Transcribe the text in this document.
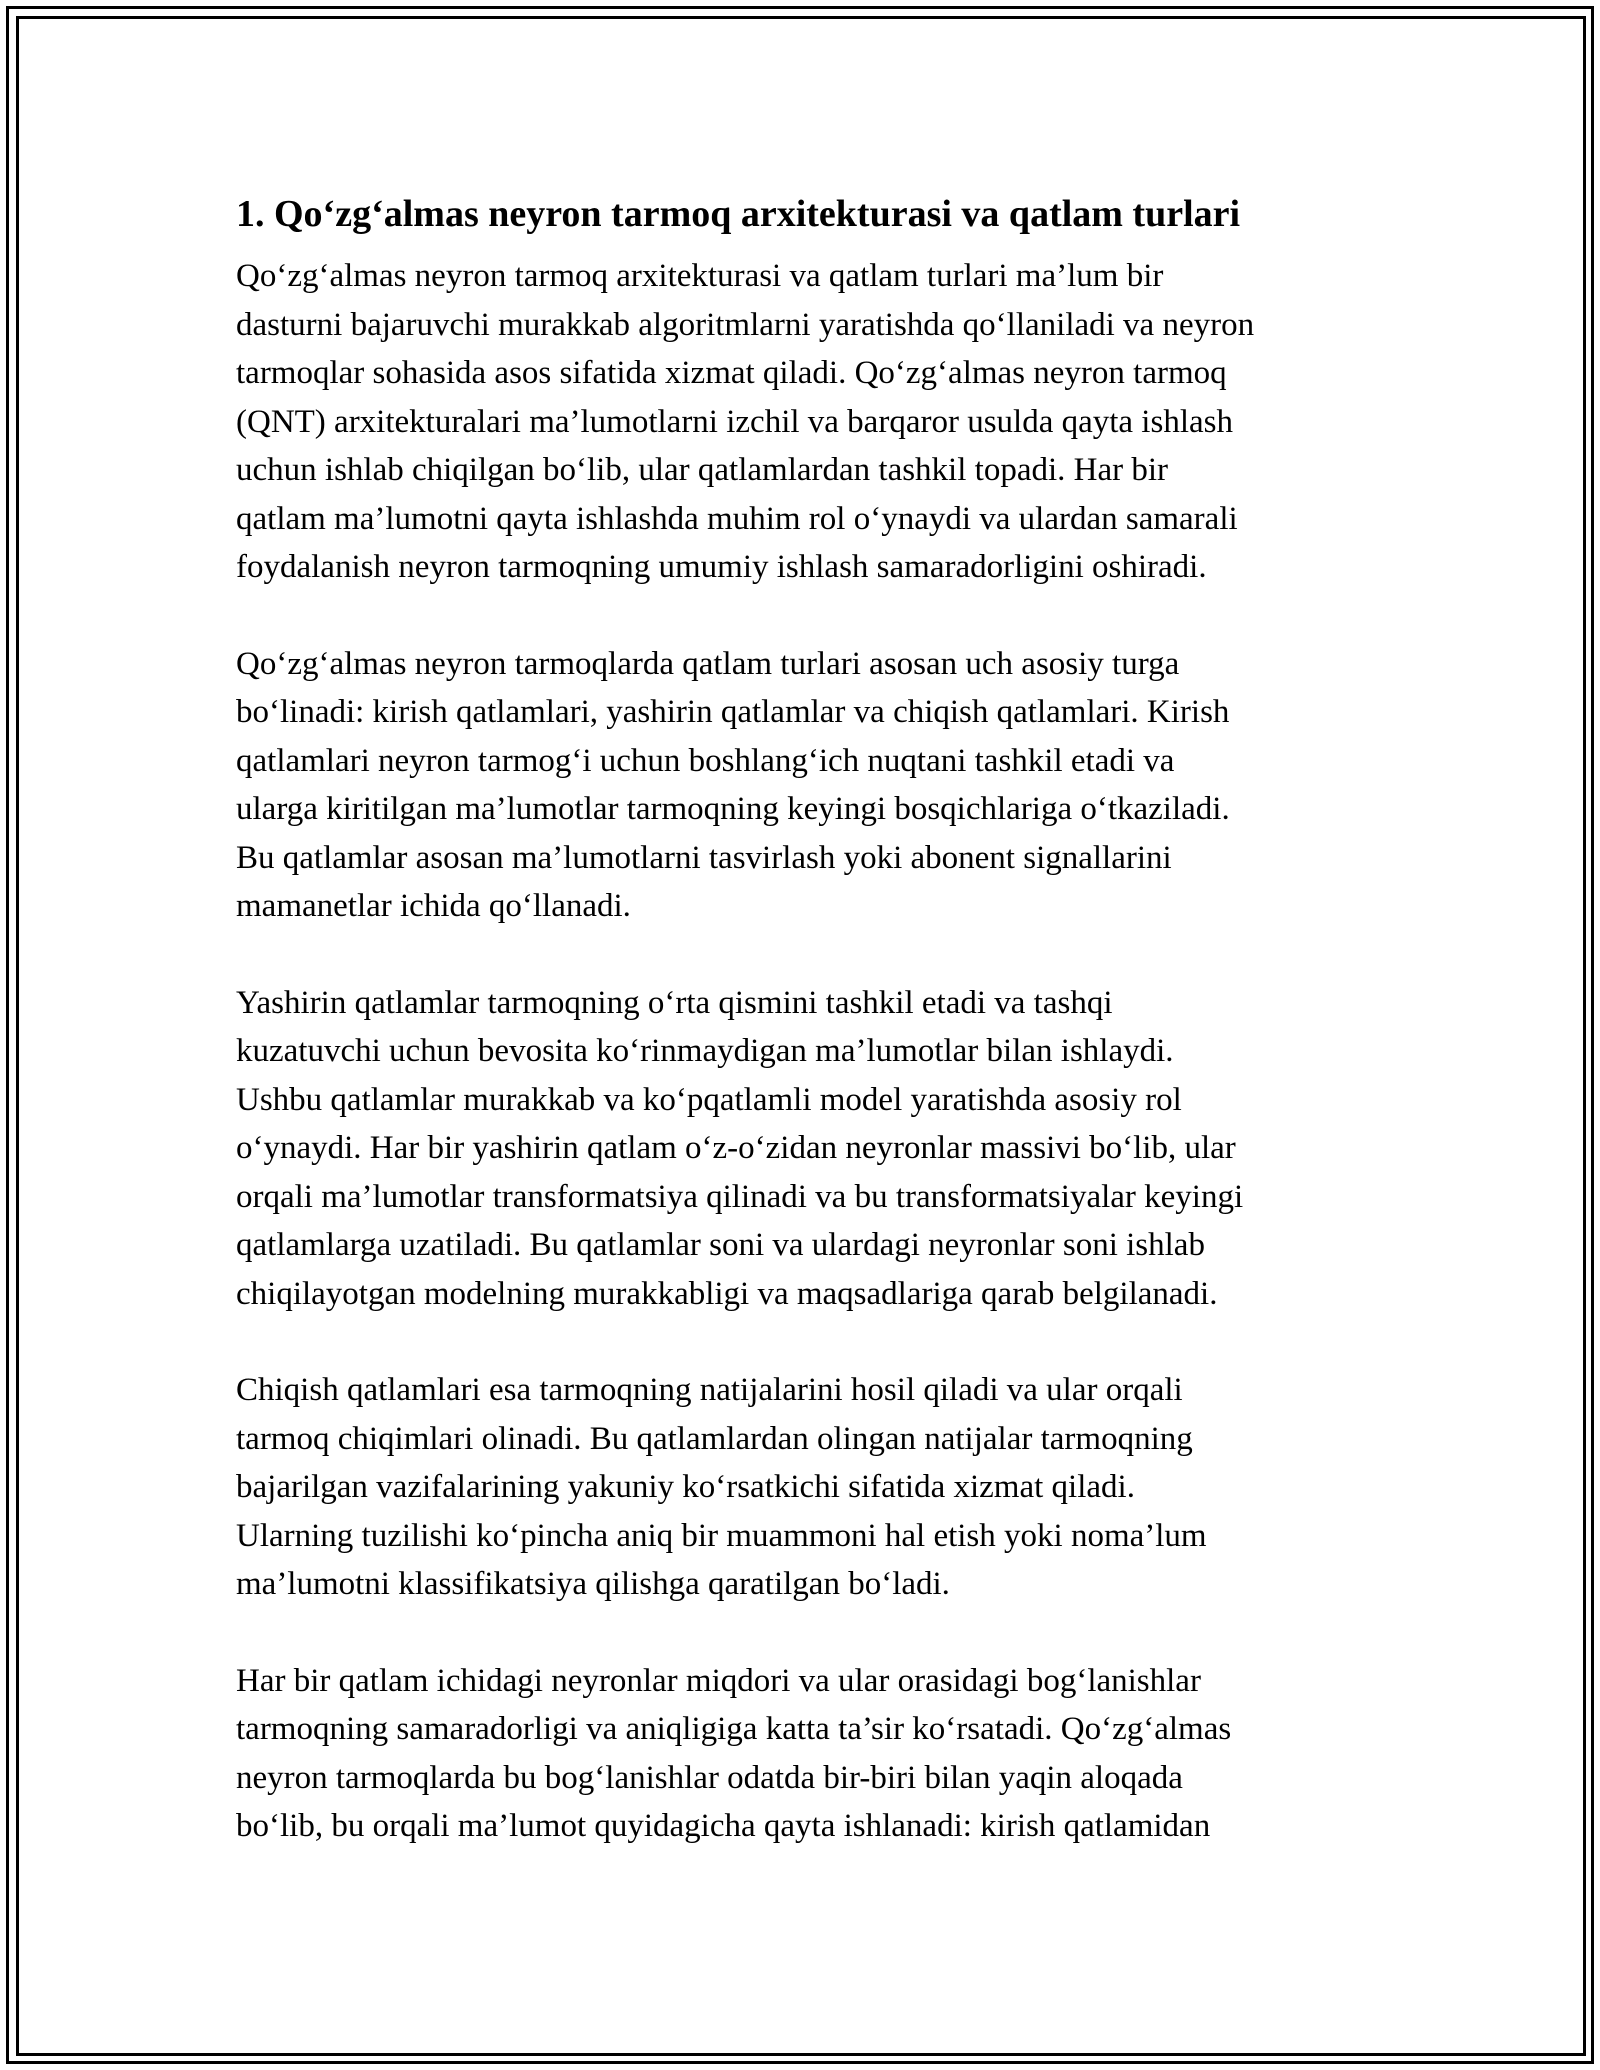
1. Qo‘zg‘almas neyron tarmoq arxitekturasi va qatlam turlari
Qo‘zg‘almas neyron tarmoq arxitekturasi va qatlam turlari ma’lum bir
dasturni bajaruvchi murakkab algoritmlarni yaratishda qo‘llaniladi va neyron
tarmoqlar sohasida asos sifatida xizmat qiladi. Qo‘zg‘almas neyron tarmoq
(QNT) arxitekturalari ma’lumotlarni izchil va barqaror usulda qayta ishlash
uchun ishlab chiqilgan bo‘lib, ular qatlamlardan tashkil topadi. Har bir
qatlam ma’lumotni qayta ishlashda muhim rol o‘ynaydi va ulardan samarali
foydalanish neyron tarmoqning umumiy ishlash samaradorligini oshiradi.
Qo‘zg‘almas neyron tarmoqlarda qatlam turlari asosan uch asosiy turga
bo‘linadi: kirish qatlamlari, yashirin qatlamlar va chiqish qatlamlari. Kirish
qatlamlari neyron tarmog‘i uchun boshlang‘ich nuqtani tashkil etadi va
ularga kiritilgan ma’lumotlar tarmoqning keyingi bosqichlariga o‘tkaziladi.
Bu qatlamlar asosan ma’lumotlarni tasvirlash yoki abonent signallarini
mamanetlar ichida qo‘llanadi.
Yashirin qatlamlar tarmoqning o‘rta qismini tashkil etadi va tashqi
kuzatuvchi uchun bevosita ko‘rinmaydigan ma’lumotlar bilan ishlaydi.
Ushbu qatlamlar murakkab va ko‘pqatlamli model yaratishda asosiy rol
o‘ynaydi. Har bir yashirin qatlam o‘z-o‘zidan neyronlar massivi bo‘lib, ular
orqali ma’lumotlar transformatsiya qilinadi va bu transformatsiyalar keyingi
qatlamlarga uzatiladi. Bu qatlamlar soni va ulardagi neyronlar soni ishlab
chiqilayotgan modelning murakkabligi va maqsadlariga qarab belgilanadi.
Chiqish qatlamlari esa tarmoqning natijalarini hosil qiladi va ular orqali
tarmoq chiqimlari olinadi. Bu qatlamlardan olingan natijalar tarmoqning
bajarilgan vazifalarining yakuniy ko‘rsatkichi sifatida xizmat qiladi.
Ularning tuzilishi ko‘pincha aniq bir muammoni hal etish yoki noma’lum
ma’lumotni klassifikatsiya qilishga qaratilgan bo‘ladi.
Har bir qatlam ichidagi neyronlar miqdori va ular orasidagi bog‘lanishlar
tarmoqning samaradorligi va aniqligiga katta ta’sir ko‘rsatadi. Qo‘zg‘almas
neyron tarmoqlarda bu bog‘lanishlar odatda bir-biri bilan yaqin aloqada
bo‘lib, bu orqali ma’lumot quyidagicha qayta ishlanadi: kirish qatlamidan
